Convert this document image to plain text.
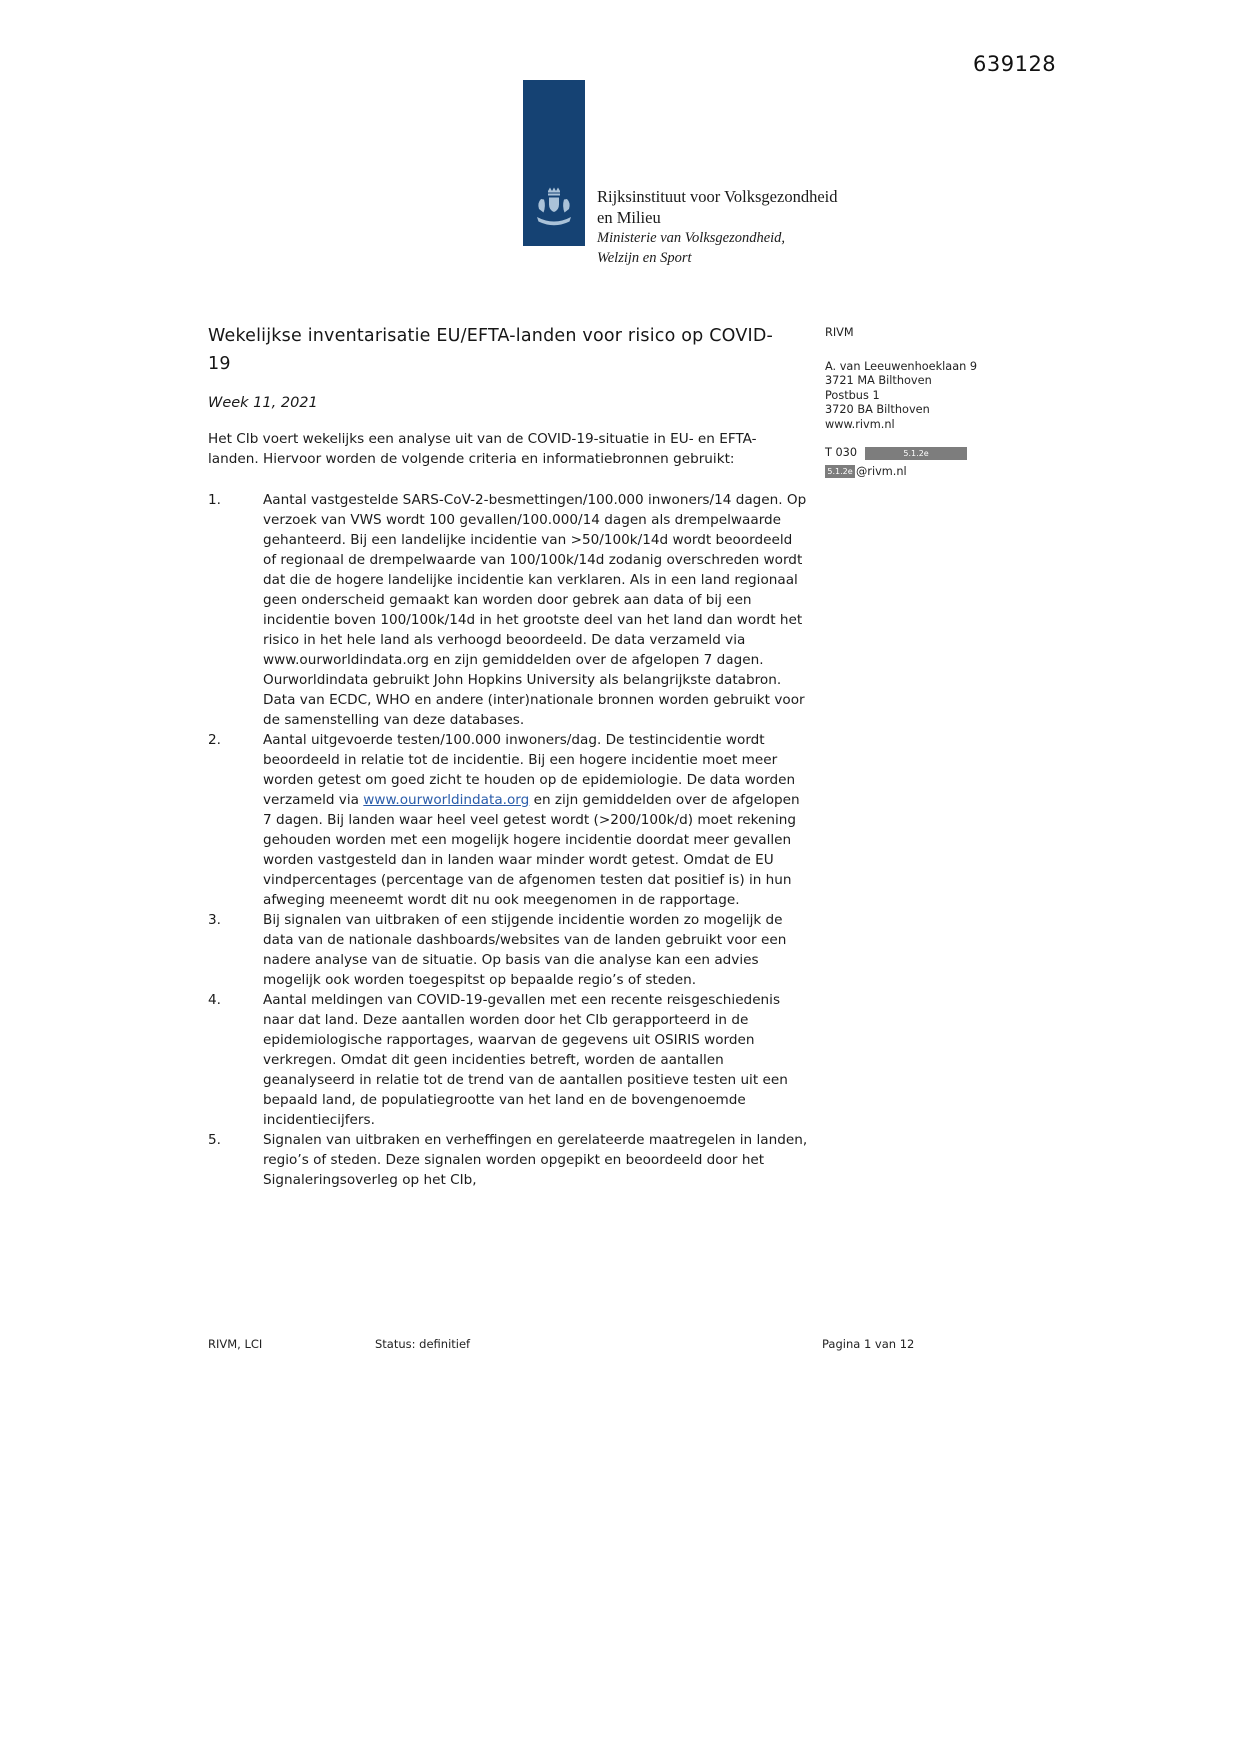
639128
Rijksinstituut voor Volksgezondheid
en Milieu
Ministerie van Volksgezondheid,
Welzijn en Sport
RIVM
A. van Leeuwenhoeklaan 9
3721 MA Bilthoven
Postbus 1
3720 BA Bilthoven
www.rivm.nl
T 030	5.1.2e
5.1.2e @rivm.nl
Wekelijkse inventarisatie EU/EFTA-landen voor risico op COVID-19
Week 11, 2021

Het CIb voert wekelijks een analyse uit van de COVID-19-situatie in EU- en EFTA-landen. Hiervoor worden de volgende criteria en informatiebronnen gebruikt:

1.	Aantal vastgestelde SARS-CoV-2-besmettingen/100.000 inwoners/14 dagen. Op verzoek van VWS wordt 100 gevallen/100.000/14 dagen als drempelwaarde gehanteerd. Bij een landelijke incidentie van >50/100k/14d wordt beoordeeld of regionaal de drempelwaarde van 100/100k/14d zodanig overschreden wordt dat die de hogere landelijke incidentie kan verklaren. Als in een land regionaal geen onderscheid gemaakt kan worden door gebrek aan data of bij een incidentie boven 100/100k/14d in het grootste deel van het land dan wordt het risico in het hele land als verhoogd beoordeeld. De data verzameld via www.ourworldindata.org en zijn gemiddelden over de afgelopen 7 dagen. Ourworldindata gebruikt John Hopkins University als belangrijkste databron. Data van ECDC, WHO en andere (inter)nationale bronnen worden gebruikt voor de samenstelling van deze databases.
2.	Aantal uitgevoerde testen/100.000 inwoners/dag. De testincidentie wordt beoordeeld in relatie tot de incidentie. Bij een hogere incidentie moet meer worden getest om goed zicht te houden op de epidemiologie. De data worden verzameld via www.ourworldindata.org en zijn gemiddelden over de afgelopen 7 dagen. Bij landen waar heel veel getest wordt (>200/100k/d) moet rekening gehouden worden met een mogelijk hogere incidentie doordat meer gevallen worden vastgesteld dan in landen waar minder wordt getest. Omdat de EU vindpercentages (percentage van de afgenomen testen dat positief is) in hun afweging meeneemt wordt dit nu ook meegenomen in de rapportage.
3.	Bij signalen van uitbraken of een stijgende incidentie worden zo mogelijk de data van de nationale dashboards/websites van de landen gebruikt voor een nadere analyse van de situatie. Op basis van die analyse kan een advies mogelijk ook worden toegespitst op bepaalde regio’s of steden.
4.	Aantal meldingen van COVID-19-gevallen met een recente reisgeschiedenis naar dat land. Deze aantallen worden door het CIb gerapporteerd in de epidemiologische rapportages, waarvan de gegevens uit OSIRIS worden verkregen. Omdat dit geen incidenties betreft, worden de aantallen geanalyseerd in relatie tot de trend van de aantallen positieve testen uit een bepaald land, de populatiegrootte van het land en de bovengenoemde incidentiecijfers.
5.	Signalen van uitbraken en verheffingen en gerelateerde maatregelen in landen, regio’s of steden. Deze signalen worden opgepikt en beoordeeld door het Signaleringsoverleg op het CIb,
RIVM, LCI	Status: definitief	Pagina 1 van 12
